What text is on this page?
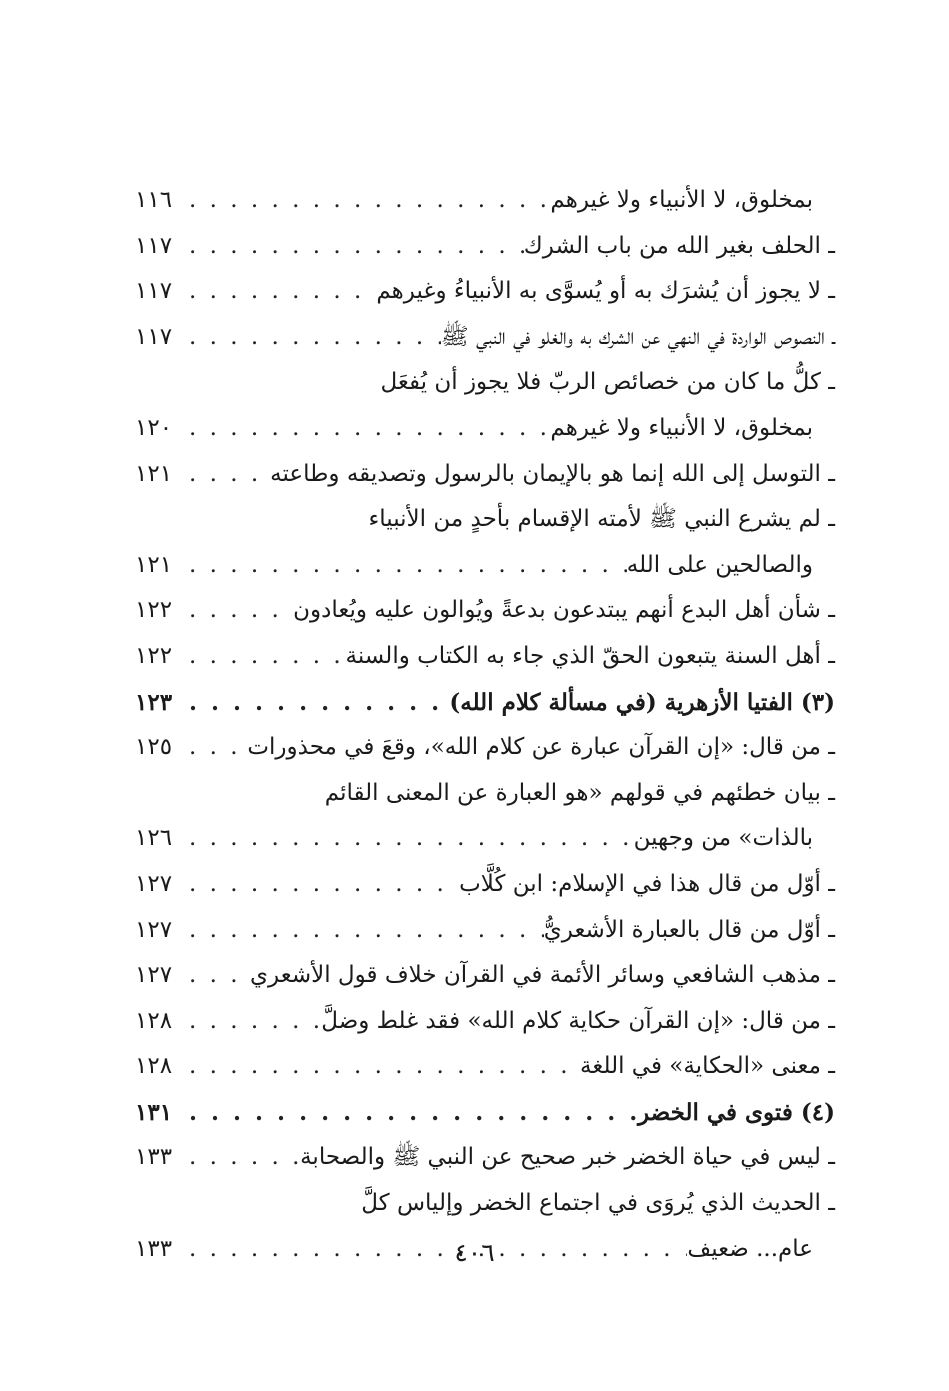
بمخلوق، لا الأنبياء ولا غيرهم
. . .
١١٦
ـ الحلف بغير الله من باب الشرك
. . .
١١٧
ـ لا يجوز أن يُشرَك به أو يُسوَّى به الأنبياءُ وغيرهم
. . .
١١٧
ـ النصوص الواردة في النهي عن الشرك به والغلو في النبي ﷺ
. . .
١١٧
ـ كلُّ ما كان من خصائص الربّ فلا يجوز أن يُفعَل
بمخلوق، لا الأنبياء ولا غيرهم
. . .
١٢٠
ـ التوسل إلى الله إنما هو بالإيمان بالرسول وتصديقه وطاعته
. . .
١٢١
ـ لم يشرع النبي ﷺ لأمته الإقسام بأحدٍ من الأنبياء
والصالحين على الله
. . .
١٢١
ـ شأن أهل البدع أنهم يبتدعون بدعةً ويُوالون عليه ويُعادون
. . .
١٢٢
ـ أهل السنة يتبعون الحقّ الذي جاء به الكتاب والسنة
. . .
١٢٢
(٣) الفتيا الأزهرية (في مسألة كلام الله)
. . .
١٢٣
ـ من قال: «إن القرآن عبارة عن كلام الله»، وقعَ في محذورات
. . .
١٢٥
ـ بيان خطئهم في قولهم «هو العبارة عن المعنى القائم
بالذات» من وجهين
. . .
١٢٦
ـ أوّل من قال هذا في الإسلام: ابن كُلَّاب
. . .
١٢٧
ـ أوّل من قال بالعبارة الأشعريُّ
. . .
١٢٧
ـ مذهب الشافعي وسائر الأئمة في القرآن خلاف قول الأشعري
. . .
١٢٧
ـ من قال: «إن القرآن حكاية كلام الله» فقد غلط وضلَّ
. . .
١٢٨
ـ معنى «الحكاية» في اللغة
. . .
١٢٨
(٤) فتوى في الخضر
. . .
١٣١
ـ ليس في حياة الخضر خبر صحيح عن النبي ﷺ والصحابة
. . .
١٣٣
ـ الحديث الذي يُروَى في اجتماع الخضر وإلياس كلَّ
عام... ضعيف
. . .
١٣٣	٤٠٦
